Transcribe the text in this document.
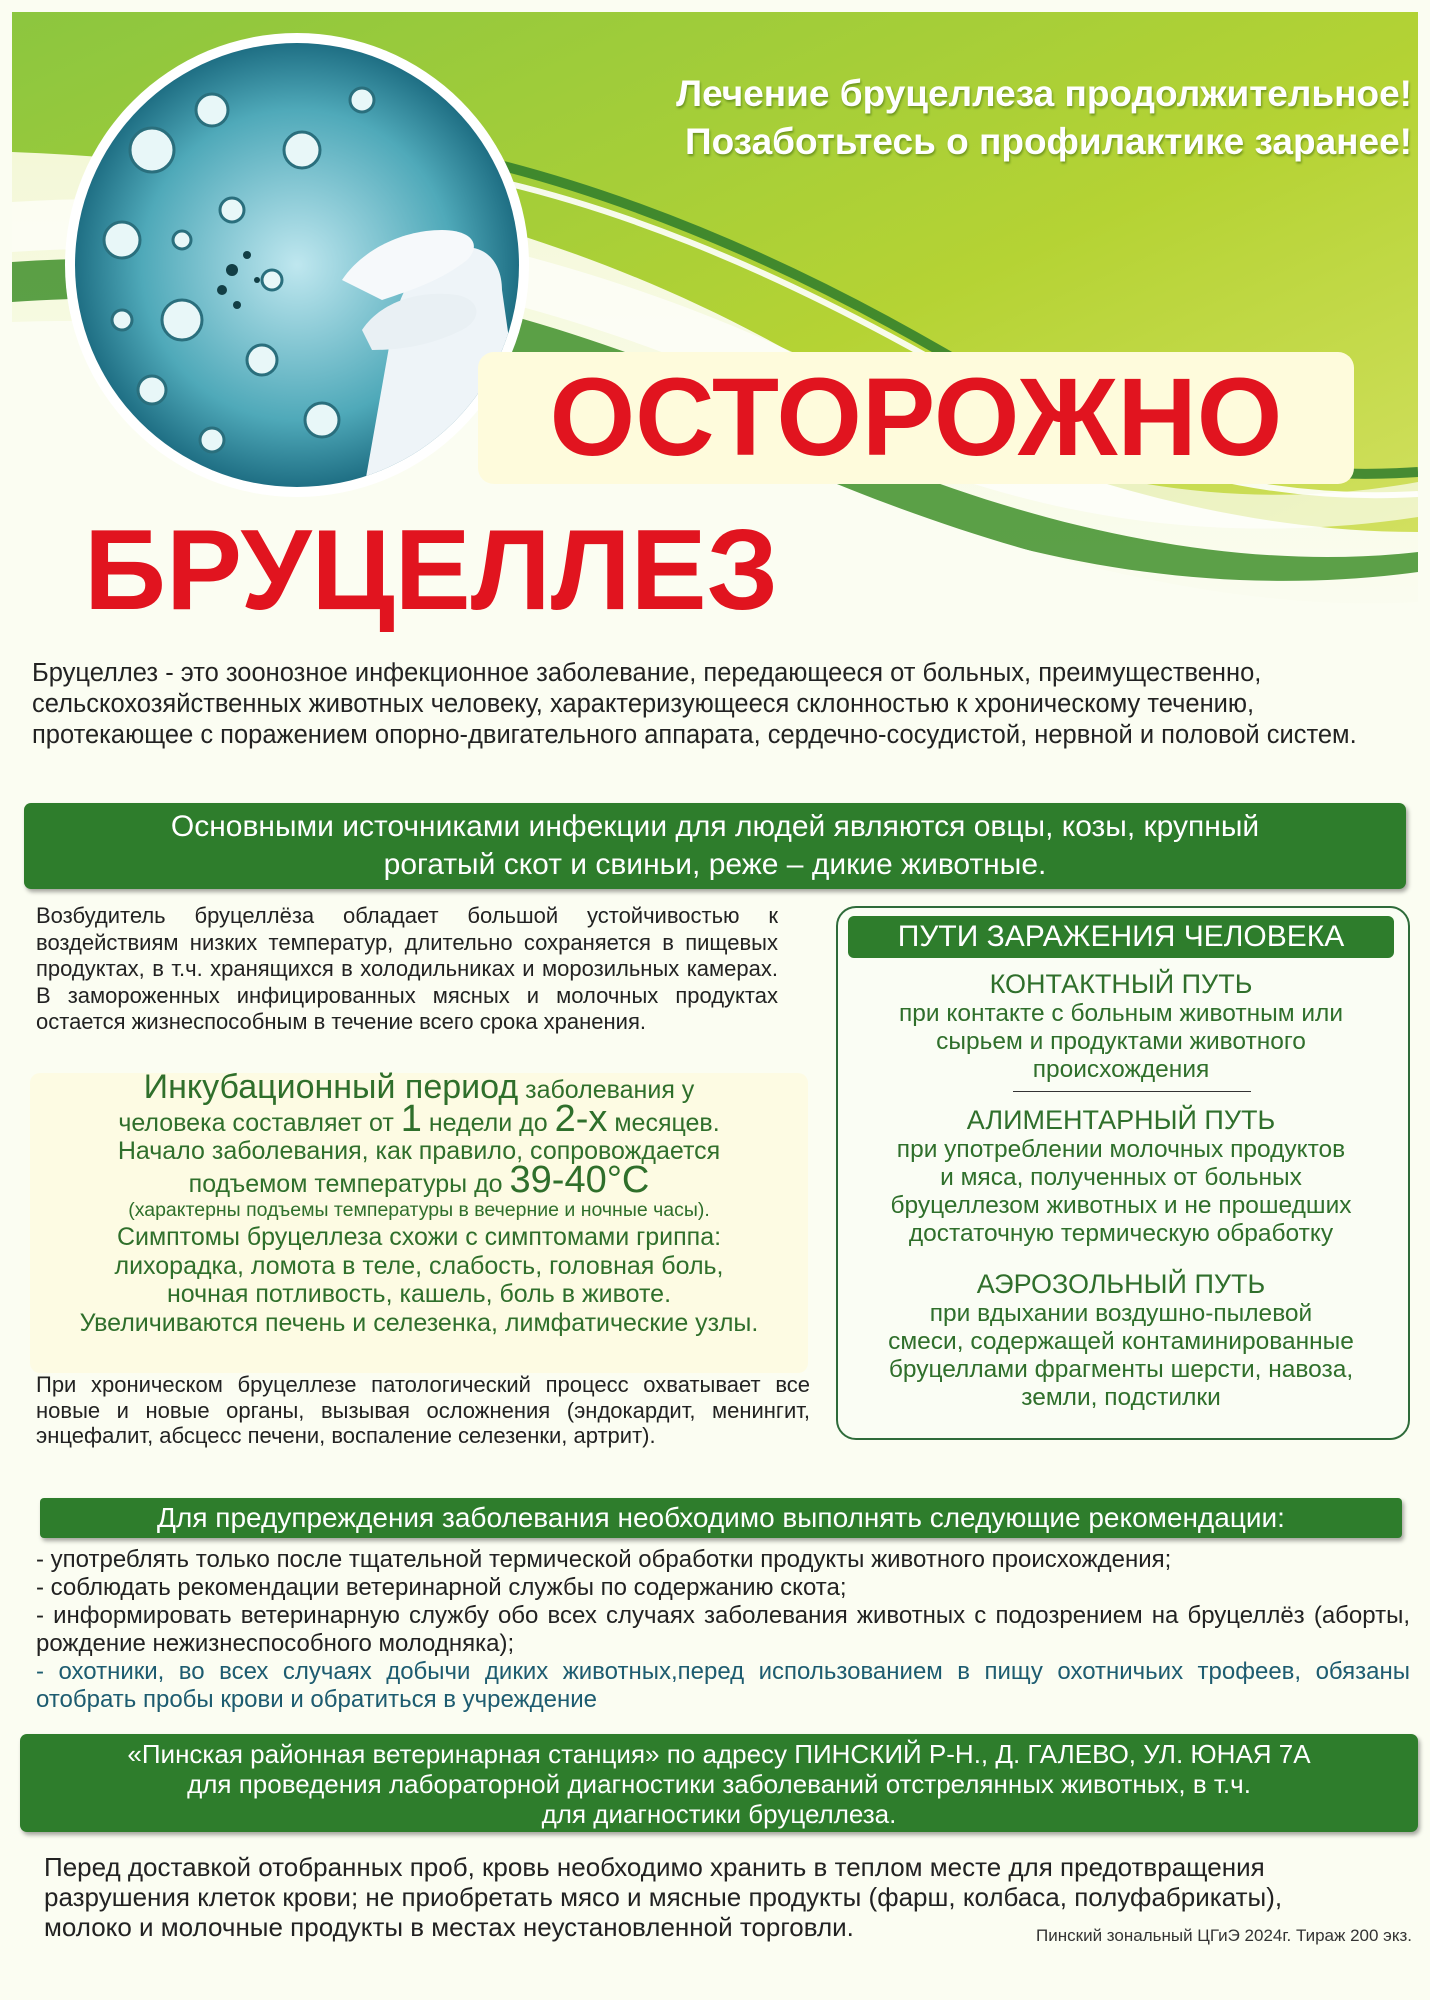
Лечение бруцеллеза продолжительное!
Позаботьтесь о профилактике заранее!
ОСТОРОЖНО
БРУЦЕЛЛЕЗ
Бруцеллез - это зоонозное инфекционное заболевание, передающееся от больных, преимущественно, сельскохозяйственных животных человеку, характеризующееся склонностью к хроническому течению, протекающее с поражением опорно-двигательного аппарата, сердечно-сосудистой, нервной и половой систем.
Основными источниками инфекции для людей являются овцы, козы, крупный
рогатый скот и свиньи, реже – дикие животные.
Возбудитель бруцеллёза обладает большой устойчивостью к воздействиям низких температур, длительно сохраняется в пищевых продуктах, в т.ч. хранящихся в холодильниках и морозильных камерах. В замороженных инфицированных мясных и молочных продуктах остается жизнеспособным в течение всего срока хранения.
Инкубационный период заболевания у
человека составляет от 1 недели до 2-х месяцев.
Начало заболевания, как правило, сопровождается
подъемом температуры до 39-40°С
(характерны подъемы температуры в вечерние и ночные часы).
Симптомы бруцеллеза схожи с симптомами гриппа:
лихорадка, ломота в теле, слабость, головная боль,
ночная потливость, кашель, боль в животе.
Увеличиваются печень и селезенка, лимфатические узлы.
При хроническом бруцеллезе патологический процесс охватывает все новые и новые органы, вызывая осложнения (эндокардит, менингит, энцефалит, абсцесс печени, воспаление селезенки, артрит).
ПУТИ ЗАРАЖЕНИЯ ЧЕЛОВЕКА
КОНТАКТНЫЙ ПУТЬ
при контакте с больным животным или
сырьем и продуктами животного
происхождения
АЛИМЕНТАРНЫЙ ПУТЬ
при употреблении молочных продуктов
и мяса, полученных от больных
бруцеллезом животных и не прошедших
достаточную термическую обработку
АЭРОЗОЛЬНЫЙ ПУТЬ
при вдыхании воздушно-пылевой
смеси, содержащей контаминированные
бруцеллами фрагменты шерсти, навоза,
земли, подстилки
Для предупреждения заболевания необходимо выполнять следующие рекомендации:
- употреблять только после тщательной термической обработки продукты животного происхождения;
- соблюдать рекомендации ветеринарной службы по содержанию скота;
- информировать ветеринарную службу обо всех случаях заболевания животных с подозрением на бруцеллёз (аборты, рождение нежизнеспособного молодняка);
- охотники, во всех случаях добычи диких животных,перед использованием в пищу охотничьих трофеев, обязаны отобрать пробы крови и обратиться в учреждение
«Пинская районная ветеринарная станция» по адресу ПИНСКИЙ Р-Н., Д. ГАЛЕВО, УЛ. ЮНАЯ 7А
для проведения лабораторной диагностики заболеваний отстрелянных животных, в т.ч.
для диагностики бруцеллеза.
Перед доставкой отобранных проб, кровь необходимо хранить в теплом месте для предотвращения
разрушения клеток крови; не приобретать мясо и мясные продукты (фарш, колбаса, полуфабрикаты),
молоко и молочные продукты в местах неустановленной торговли.	Пинский зональный ЦГиЭ 2024г. Тираж 200 экз.
